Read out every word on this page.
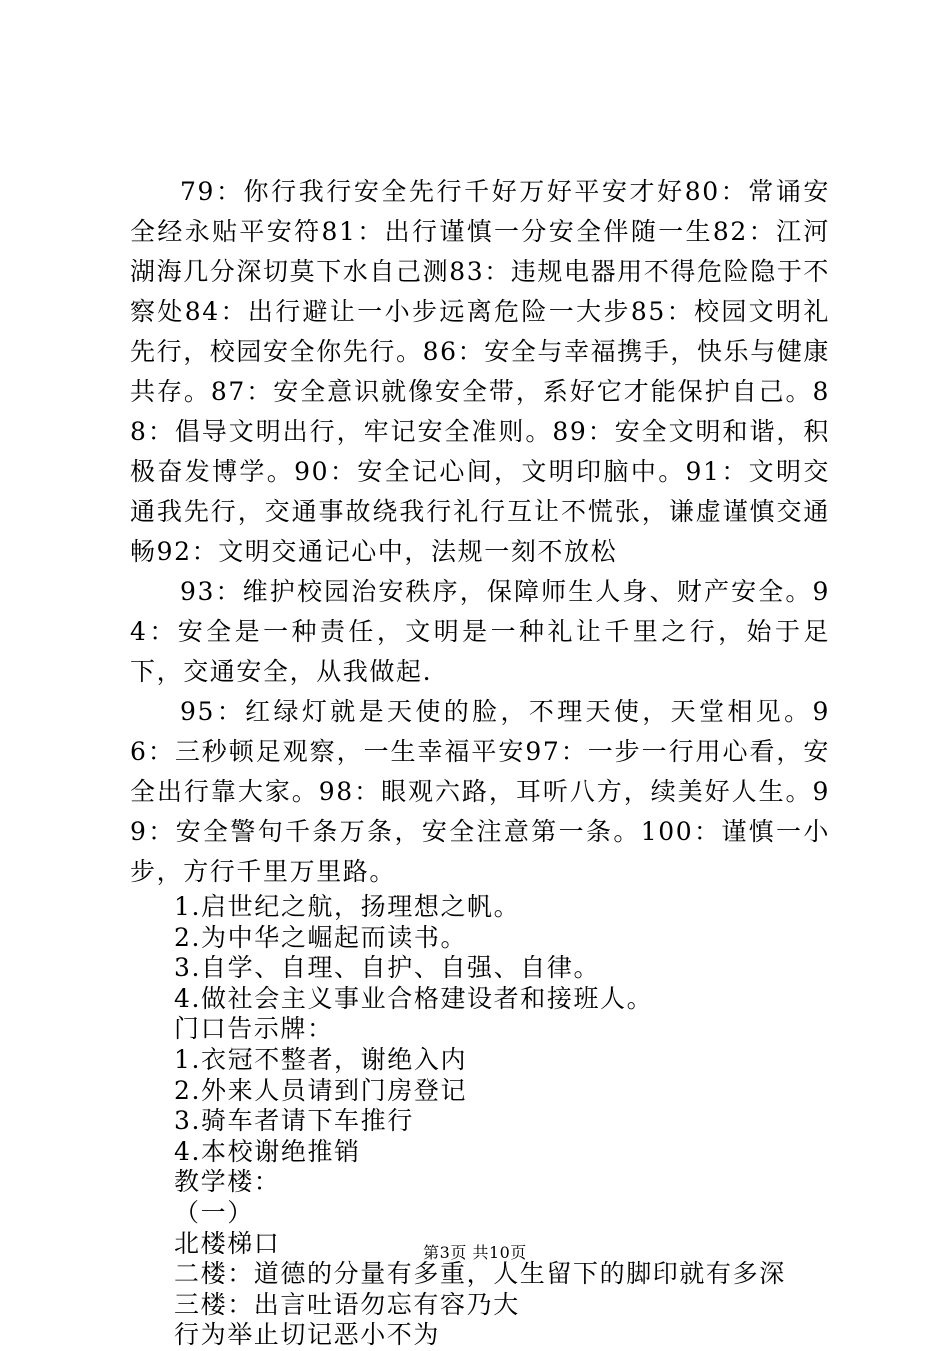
79：你行我行安全先行千好万好平安才好80：常诵安全经永贴平安符81：出行谨慎一分安全伴随一生82：江河湖海几分深切莫下水自己测83：违规电器用不得危险隐于不察处84：出行避让一小步远离危险一大步85：校园文明礼先行，校园安全你先行。86：安全与幸福携手，快乐与健康共存。87：安全意识就像安全带，系好它才能保护自己。88：倡导文明出行，牢记安全准则。89：安全文明和谐，积极奋发博学。90：安全记心间，文明印脑中。91：文明交通我先行，交通事故绕我行礼行互让不慌张，谦虚谨慎交通畅92：文明交通记心中，法规一刻不放松

93：维护校园治安秩序，保障师生人身、财产安全。94：安全是一种责任，文明是一种礼让千里之行，始于足下，交通安全，从我做起.

95：红绿灯就是天使的脸，不理天使，天堂相见。96：三秒顿足观察，一生幸福平安97：一步一行用心看，安全出行靠大家。98：眼观六路，耳听八方，续美好人生。99：安全警句千条万条，安全注意第一条。100：谨慎一小步，方行千里万里路。

1.启世纪之航，扬理想之帆。

2.为中华之崛起而读书。

3.自学、自理、自护、自强、自律。

4.做社会主义事业合格建设者和接班人。

门口告示牌：

1.衣冠不整者，谢绝入内

2.外来人员请到门房登记

3.骑车者请下车推行

4.本校谢绝推销

教学楼：

（一）

北楼梯口

二楼：道德的分量有多重，人生留下的脚印就有多深

三楼：出言吐语勿忘有容乃大

行为举止切记恶小不为

第3页 共10页
